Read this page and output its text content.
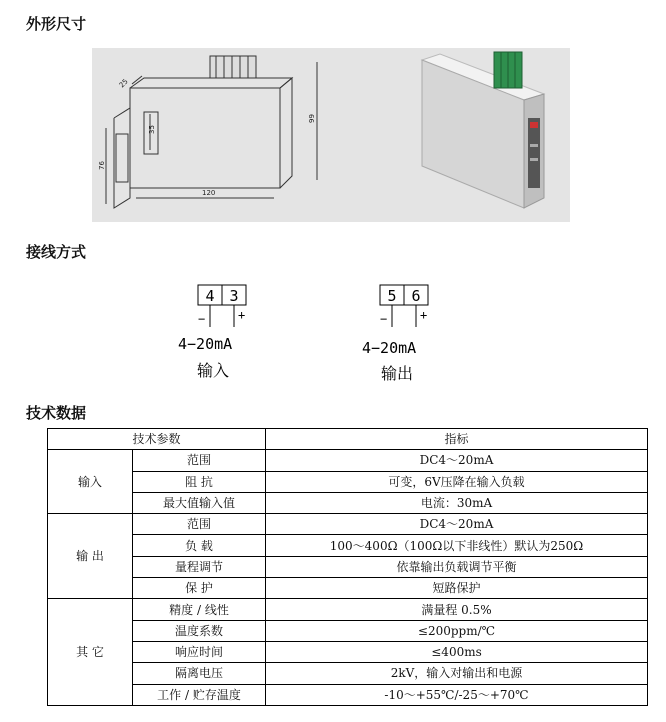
外形尺寸
120
99
76
35
25
接线方式
4 3
−	+
4−20mA
输入
5 6
−	+
4−20mA
输出
技术数据
技术参数		指标
输入	范围	DC4～20mA
	阻 抗	可变，6V压降在输入负载
	最大值输入值	电流：30mA
输 出	范围	DC4～20mA
	负 载	100～400Ω（100Ω以下非线性）默认为250Ω
	量程调节	依靠输出负载调节平衡
	保 护	短路保护
其 它	精度 / 线性	满量程 0.5%
	温度系数	≤200ppm/℃
	响应时间	≤400ms
	隔离电压	2kV，输入对输出和电源
	工作 / 贮存温度	-10～+55℃/-25～+70℃
